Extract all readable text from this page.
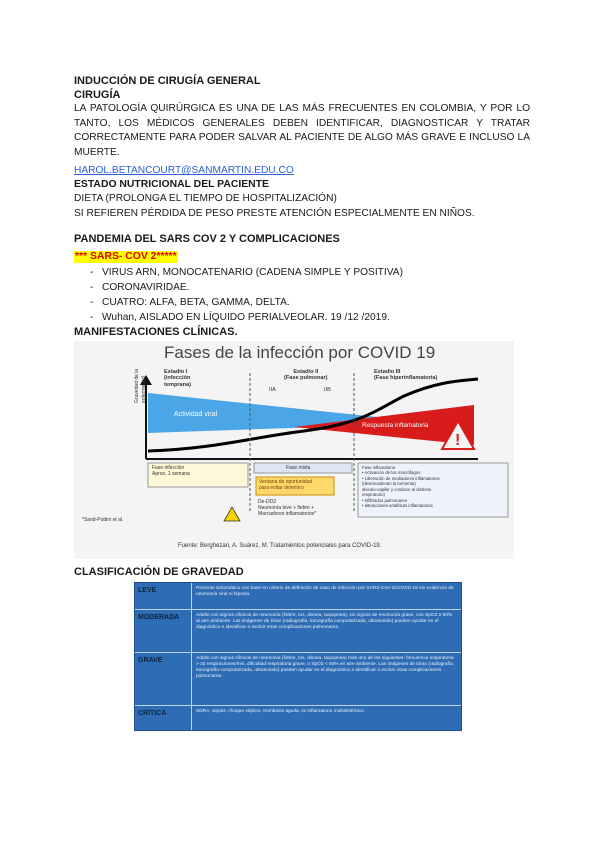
INDUCCIÓN DE CIRUGÍA GENERAL

CIRUGÍA

LA PATOLOGÍA QUIRÚRGICA ES UNA DE LAS MÁS FRECUENTES EN COLOMBIA, Y POR LO TANTO, LOS MÉDICOS GENERALES DEBEN IDENTIFICAR, DIAGNOSTICAR Y TRATAR CORRECTAMENTE PARA PODER SALVAR AL PACIENTE DE ALGO MÁS GRAVE E INCLUSO LA MUERTE.

HAROL.BETANCOURT@SANMARTIN.EDU.CO

ESTADO NUTRICIONAL DEL PACIENTE

DIETA (PROLONGA EL TIEMPO DE HOSPITALIZACIÓN)

SI REFIEREN PÉRDIDA DE PESO PRESTE ATENCIÓN ESPECIALMENTE EN NIÑOS.

PANDEMIA DEL SARS COV 2 Y COMPLICACIONES

*** SARS- COV 2*****
- VIRUS ARN, MONOCATENARIO (CADENA SIMPLE Y POSITIVA)
- CORONAVIRIDAE.
- CUATRO: ALFA, BETA, GAMMA, DELTA.
- Wuhan, AISLADO EN LÍQUIDO PERIALVEOLAR. 19 /12 /2019.

MANIFESTACIONES CLÍNICAS.

Fases de la infección por COVID 19
!
Estadio I
(infección
temprana)
Estadio II
(Fase pulmonar)
IIA	IIB
Estadio III
(Fase hiperinflamatoria)
Actividad viral
Respuesta inflamatoria
Gravedad de la
enfermedad
Fase infección
Aprox. 1 semana
Fase mixta
Ventana de oportunidad
para evitar deterioro
De-DD2
Neumonía leve + fiebre +
Marcadores inflamatorios*
Fase inflamatoria
• Activación de los macrófagos
• Liberación de mediadores inflamatorios
(desencadenan la tormenta)
alveolo-capilar y conduce al distress
respiratorio)
• Infiltrados pulmonares
• alteraciones analíticas inflamatorias
*Sardi-Puttini et al.
Fuente: Berghezan, A. Suárez, M. Tratamientos potenciales para COVID-19.

CLASIFICACIÓN DE GRAVEDAD

LEVE	Paciente sintomático con base en criterio de definición de caso de infección por SARS-CoV-2/COVID-19 sin evidencia de neumonía viral ni hipoxia.
MODERADA	Adulto con signos clínicos de neumonía (fiebre, tos, disnea, taquipnea), sin signos de neumonía grave, con SpO2 ≥ 90% al aire ambiente. Las imágenes de tórax (radiografía, tomografía computarizada, ultrasonido) pueden ayudar en el diagnóstico e identificar o excluir otras complicaciones pulmonares.
GRAVE	Adulto con signos clínicos de neumonía (fiebre, tos, disnea, taquipnea) más uno de los siguientes: frecuencia respiratoria > 30 respiraciones/min, dificultad respiratoria grave, o SpO2 < 90% en aire ambiente. Las imágenes de tórax (radiografía, tomografía computarizada, ultrasonido) pueden ayudar en el diagnóstico e identificar o excluir otras complicaciones pulmonares.
CRÍTICA	SDRA, sepsis, choque séptico, trombosis aguda, sx inflamatorio multisistémico.
